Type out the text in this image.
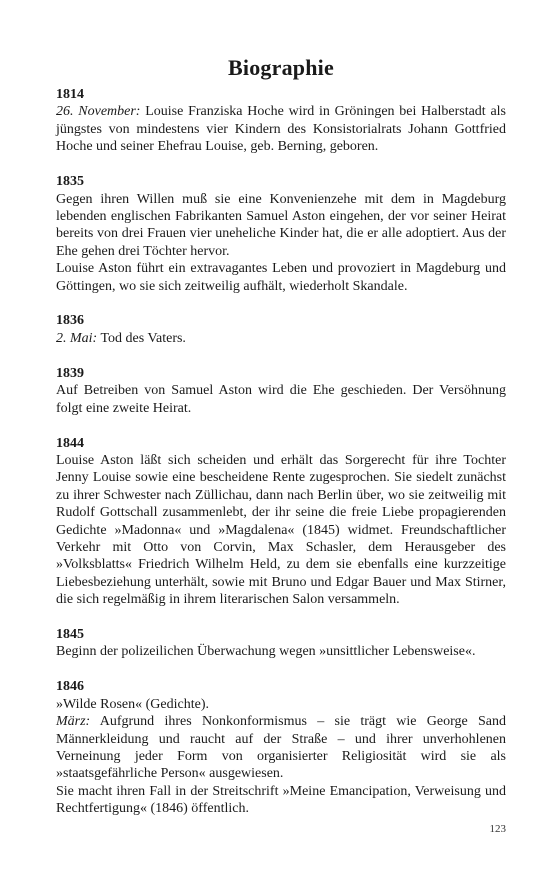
Biographie

1814

26. November: Louise Franziska Hoche wird in Gröningen bei Halberstadt als jüngstes von mindestens vier Kindern des Konsistorialrats Johann Gottfried Hoche und seiner Ehefrau Louise, geb. Berning, geboren.

1835

Gegen ihren Willen muß sie eine Konvenienzehe mit dem in Magdeburg lebenden englischen Fabrikanten Samuel Aston eingehen, der vor seiner Heirat bereits von drei Frauen vier uneheliche Kinder hat, die er alle adoptiert. Aus der Ehe gehen drei Töchter hervor.

Louise Aston führt ein extravagantes Leben und provoziert in Magdeburg und Göttingen, wo sie sich zeitweilig aufhält, wiederholt Skandale.

1836

2. Mai: Tod des Vaters.

1839

Auf Betreiben von Samuel Aston wird die Ehe geschieden. Der Versöhnung folgt eine zweite Heirat.

1844

Louise Aston läßt sich scheiden und erhält das Sorgerecht für ihre Tochter Jenny Louise sowie eine bescheidene Rente zugesprochen. Sie siedelt zunächst zu ihrer Schwester nach Züllichau, dann nach Berlin über, wo sie zeitweilig mit Rudolf Gottschall zusammenlebt, der ihr seine die freie Liebe propagierenden Gedichte »Madonna« und »Magdalena« (1845) widmet. Freundschaftlicher Verkehr mit Otto von Corvin, Max Schasler, dem Herausgeber des »Volksblatts« Friedrich Wilhelm Held, zu dem sie ebenfalls eine kurzzeitige Liebesbeziehung unterhält, sowie mit Bruno und Edgar Bauer und Max Stirner, die sich regelmäßig in ihrem literarischen Salon versammeln.

1845

Beginn der polizeilichen Überwachung wegen »unsittlicher Lebensweise«.

1846

»Wilde Rosen« (Gedichte).

März: Aufgrund ihres Nonkonformismus – sie trägt wie George Sand Männerkleidung und raucht auf der Straße – und ihrer unverhohlenen Verneinung jeder Form von organisierter Religiosität wird sie als »staatsgefährliche Person« ausgewiesen.

Sie macht ihren Fall in der Streitschrift »Meine Emancipation, Verweisung und Rechtfertigung« (1846) öffentlich.

123
